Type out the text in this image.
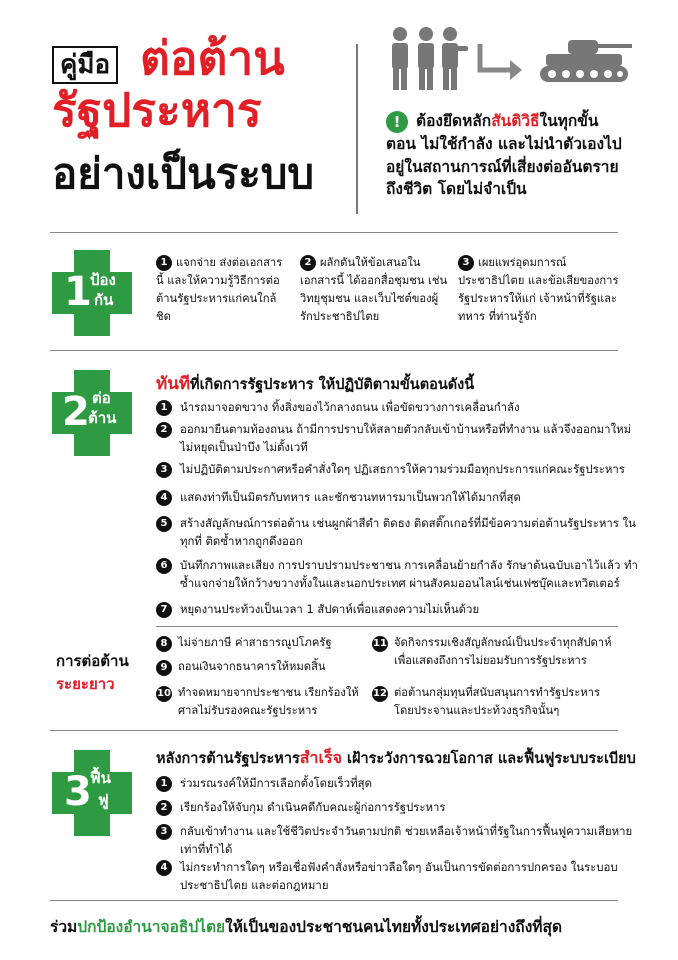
คู่มือ ต่อต้าน
รัฐประหาร
อย่างเป็นระบบ
! ต้องยึดหลักสันติวิธีในทุกขั้นตอน ไม่ใช้กำลัง และไม่นำตัวเองไปอยู่ในสถานการณ์ที่เสี่ยงต่ออันตรายถึงชีวิต โดยไม่จำเป็น
1
ป้อง
กัน
1 แจกจ่าย ส่งต่อเอกสารนี้ และให้ความรู้วิธีการต่อต้านรัฐประหารแก่คนใกล้ชิด
2 ผลักดันให้ข้อเสนอในเอกสารนี้ ได้ออกสื่อชุมชน เช่น วิทยุชุมชน และเว็บไซต์ของผู้รักประชาธิปไตย
3 เผยแพร่อุดมการณ์ประชาธิปไตย และข้อเสียของการรัฐประหารให้แก่ เจ้าหน้าที่รัฐและทหาร ที่ท่านรู้จัก
2 ต่อ
ต้าน
ทันทีที่เกิดการรัฐประหาร ให้ปฏิบัติตามขั้นตอนดังนี้
1	นำรถมาจอดขวาง ทิ้งสิ่งของไว้กลางถนน เพื่อขัดขวางการเคลื่อนกำลัง
2	ออกมายืนตามท้องถนน ถ้ามีการปราบให้สลายตัวกลับเข้าบ้านหรือที่ทำงาน แล้วจึงออกมาใหม่ ไม่หยุดเป็นป่าบึง ไม่ตั้งเวที
3	ไม่ปฏิบัติตามประกาศหรือคำสั่งใดๆ ปฏิเสธการให้ความร่วมมือทุกประการแก่คณะรัฐประหาร
4	แสดงท่าทีเป็นมิตรกับทหาร และชักชวนทหารมาเป็นพวกให้ได้มากที่สุด
5	สร้างสัญลักษณ์การต่อต้าน เช่นผูกผ้าสีดำ ติดธง ติดสติ๊กเกอร์ที่มีข้อความต่อต้านรัฐประหาร ในทุกที่ ติดซ้ำหากถูกดึงออก
6	บันทึกภาพและเสียง การปราบปรามประชาชน การเคลื่อนย้ายกำลัง รักษาต้นฉบับเอาไว้แล้ว ทำซ้ำแจกจ่ายให้กว้างขวางทั้งในและนอกประเทศ ผ่านสังคมออนไลน์เช่นเฟซบุ๊คและทวิตเตอร์
7	หยุดงานประท้วงเป็นเวลา 1 สัปดาห์เพื่อแสดงความไม่เห็นด้วย
การต่อต้าน
ระยะยาว
8 ไม่จ่ายภาษี ค่าสาธารณูปโภครัฐ
9 ถอนเงินจากธนาคารให้หมดสิ้น
10 ทำจดหมายจากประชาชน เรียกร้องให้ศาลไม่รับรองคณะรัฐประหาร
11 จัดกิจกรรมเชิงสัญลักษณ์เป็นประจำทุกสัปดาห์ เพื่อแสดงถึงการไม่ยอมรับการรัฐประหาร
12 ต่อต้านกลุ่มทุนที่สนับสนุนการทำรัฐประหาร โดยประจานและประท้วงธุรกิจนั้นๆ
3
ฟื้น
ฟู
หลังการต้านรัฐประหารสำเร็จ เฝ้าระวังการฉวยโอกาส และฟื้นฟูระบบระเบียบ
1	ร่วมรณรงค์ให้มีการเลือกตั้งโดยเร็วที่สุด
2	เรียกร้องให้จับกุม ดำเนินคดีกับคณะผู้ก่อการรัฐประหาร
3	กลับเข้าทำงาน และใช้ชีวิตประจำวันตามปกติ ช่วยเหลือเจ้าหน้าที่รัฐในการฟื้นฟูความเสียหาย เท่าที่ทำได้
4	ไม่กระทำการใดๆ หรือเชื่อฟังคำสั่งหรือข่าวลือใดๆ อันเป็นการขัดต่อการปกครอง ในระบอบประชาธิปไตย และต่อกฎหมาย
ร่วมปกป้องอำนาจอธิปไตยให้เป็นของประชาชนคนไทยทั้งประเทศอย่างถึงที่สุด
